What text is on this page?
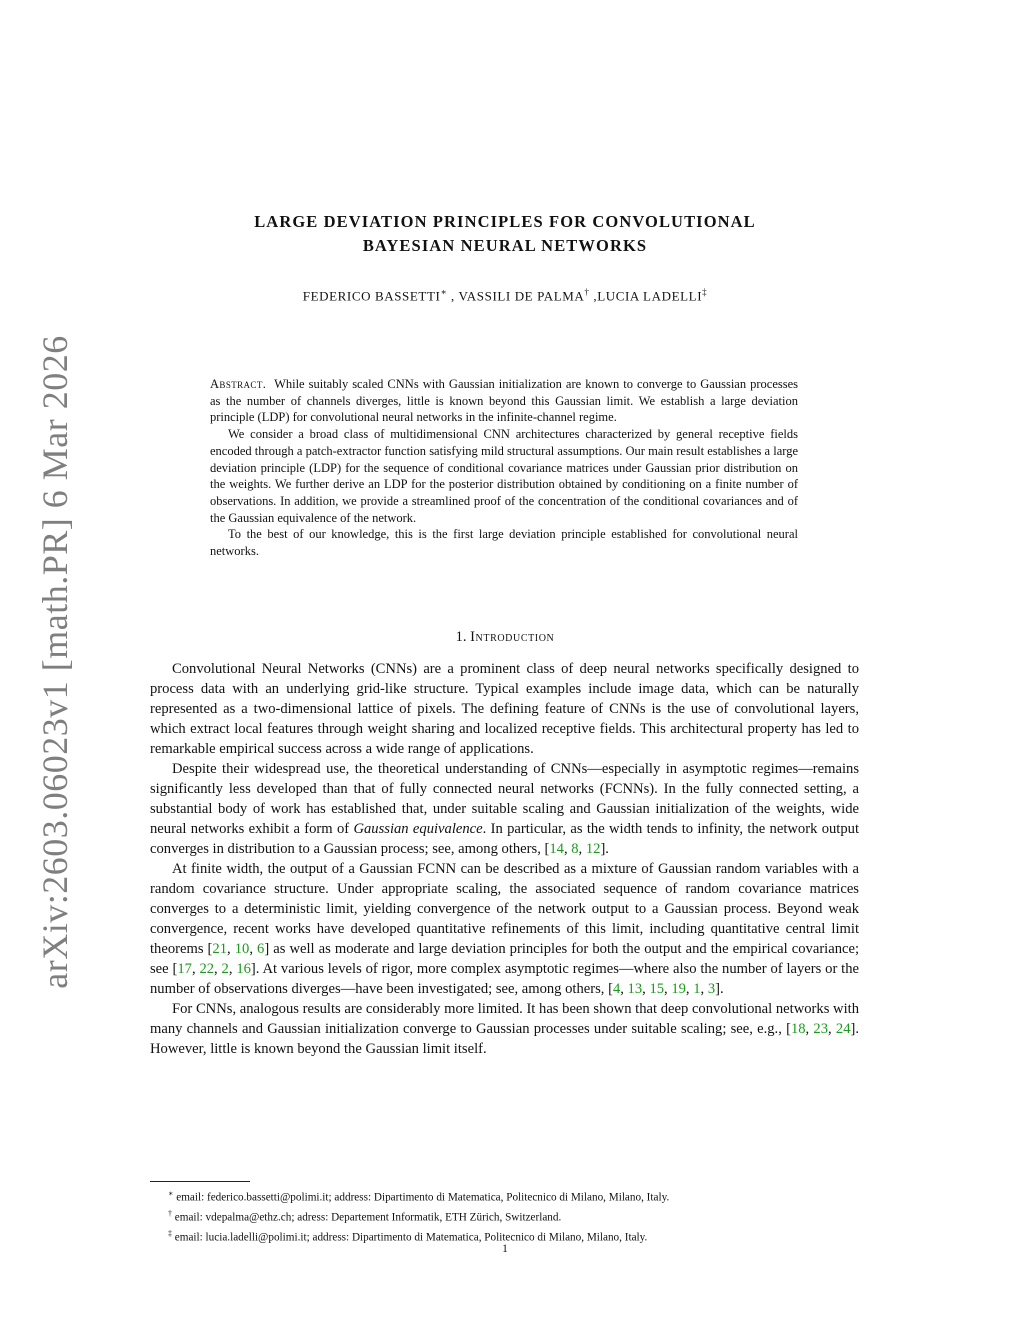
arXiv:2603.06023v1 [math.PR] 6 Mar 2026
LARGE DEVIATION PRINCIPLES FOR CONVOLUTIONAL
BAYESIAN NEURAL NETWORKS
FEDERICO BASSETTI∗ , VASSILI DE PALMA† ,LUCIA LADELLI‡

Abstract. While suitably scaled CNNs with Gaussian initialization are known to converge to Gaussian processes as the number of channels diverges, little is known beyond this Gaussian limit. We establish a large deviation principle (LDP) for convolutional neural networks in the infinite-channel regime.

We consider a broad class of multidimensional CNN architectures characterized by general receptive fields encoded through a patch-extractor function satisfying mild structural assumptions. Our main result establishes a large deviation principle (LDP) for the sequence of conditional covariance matrices under Gaussian prior distribution on the weights. We further derive an LDP for the posterior distribution obtained by conditioning on a finite number of observations. In addition, we provide a streamlined proof of the concentration of the conditional covariances and of the Gaussian equivalence of the network.

To the best of our knowledge, this is the first large deviation principle established for convolutional neural networks.

1. Introduction

Convolutional Neural Networks (CNNs) are a prominent class of deep neural networks specifically designed to process data with an underlying grid-like structure. Typical examples include image data, which can be naturally represented as a two-dimensional lattice of pixels. The defining feature of CNNs is the use of convolutional layers, which extract local features through weight sharing and localized receptive fields. This architectural property has led to remarkable empirical success across a wide range of applications.

Despite their widespread use, the theoretical understanding of CNNs—especially in asymptotic regimes—remains significantly less developed than that of fully connected neural networks (FCNNs). In the fully connected setting, a substantial body of work has established that, under suitable scaling and Gaussian initialization of the weights, wide neural networks exhibit a form of Gaussian equivalence. In particular, as the width tends to infinity, the network output converges in distribution to a Gaussian process; see, among others, [14, 8, 12].

At finite width, the output of a Gaussian FCNN can be described as a mixture of Gaussian random variables with a random covariance structure. Under appropriate scaling, the associated sequence of random covariance matrices converges to a deterministic limit, yielding convergence of the network output to a Gaussian process. Beyond weak convergence, recent works have developed quantitative refinements of this limit, including quantitative central limit theorems [21, 10, 6] as well as moderate and large deviation principles for both the output and the empirical covariance; see [17, 22, 2, 16]. At various levels of rigor, more complex asymptotic regimes—where also the number of layers or the number of observations diverges—have been investigated; see, among others, [4, 13, 15, 19, 1, 3].

For CNNs, analogous results are considerably more limited. It has been shown that deep convolutional networks with many channels and Gaussian initialization converge to Gaussian processes under suitable scaling; see, e.g., [18, 23, 24]. However, little is known beyond the Gaussian limit itself.

∗ email: federico.bassetti@polimi.it; address: Dipartimento di Matematica, Politecnico di Milano, Milano, Italy.
† email: vdepalma@ethz.ch; adress: Departement Informatik, ETH Zürich, Switzerland.
‡ email: lucia.ladelli@polimi.it; address: Dipartimento di Matematica, Politecnico di Milano, Milano, Italy.
1
